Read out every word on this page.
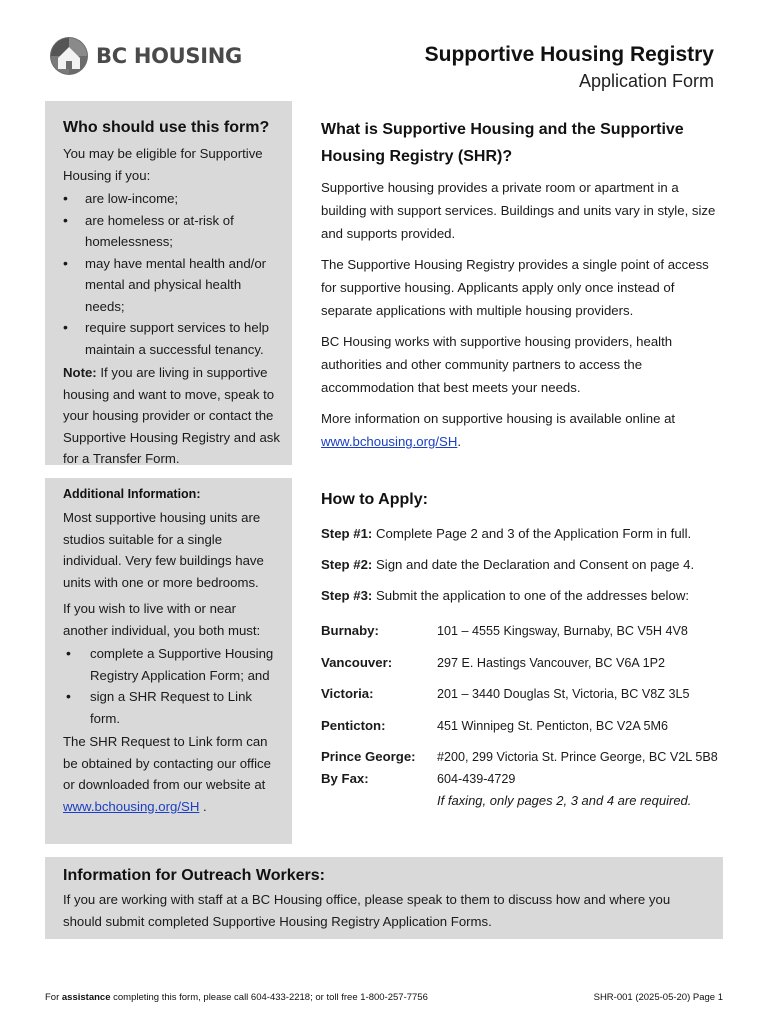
BC HOUSING	Supportive Housing Registry
Application Form
Who should use this form?
You may be eligible for Supportive Housing if you:
• are low-income;
• are homeless or at-risk of homelessness;
• may have mental health and/or mental and physical health needs;
• require support services to help maintain a successful tenancy.
Note: If you are living in supportive housing and want to move, speak to your housing provider or contact the Supportive Housing Registry and ask for a Transfer Form.
Additional Information:
Most supportive housing units are studios suitable for a single individual. Very few buildings have units with one or more bedrooms.
If you wish to live with or near another individual, you both must:
• complete a Supportive Housing Registry Application Form; and
• sign a SHR Request to Link form.
The SHR Request to Link form can be obtained by contacting our office or downloaded from our website at www.bchousing.org/SH .
What is Supportive Housing and the Supportive Housing Registry (SHR)?
Supportive housing provides a private room or apartment in a building with support services. Buildings and units vary in style, size and supports provided.
The Supportive Housing Registry provides a single point of access for supportive housing. Applicants apply only once instead of separate applications with multiple housing providers.
BC Housing works with supportive housing providers, health authorities and other community partners to access the accommodation that best meets your needs.
More information on supportive housing is available online at
www.bchousing.org/SH.
How to Apply:
Step #1: Complete Page 2 and 3 of the Application Form in full.
Step #2: Sign and date the Declaration and Consent on page 4.
Step #3: Submit the application to one of the addresses below:
Burnaby:	101 – 4555 Kingsway, Burnaby, BC V5H 4V8
Vancouver:	297 E. Hastings Vancouver, BC V6A 1P2
Victoria:	201 – 3440 Douglas St, Victoria, BC V8Z 3L5
Penticton:	451 Winnipeg St. Penticton, BC V2A 5M6
Prince George:	#200, 299 Victoria St. Prince George, BC V2L 5B8
By Fax:	604-439-4729
If faxing, only pages 2, 3 and 4 are required.
Information for Outreach Workers:
If you are working with staff at a BC Housing office, please speak to them to discuss how and where you should submit completed Supportive Housing Registry Application Forms.
For assistance completing this form, please call 604-433-2218; or toll free 1-800-257-7756	SHR-001 (2025-05-20) Page 1
